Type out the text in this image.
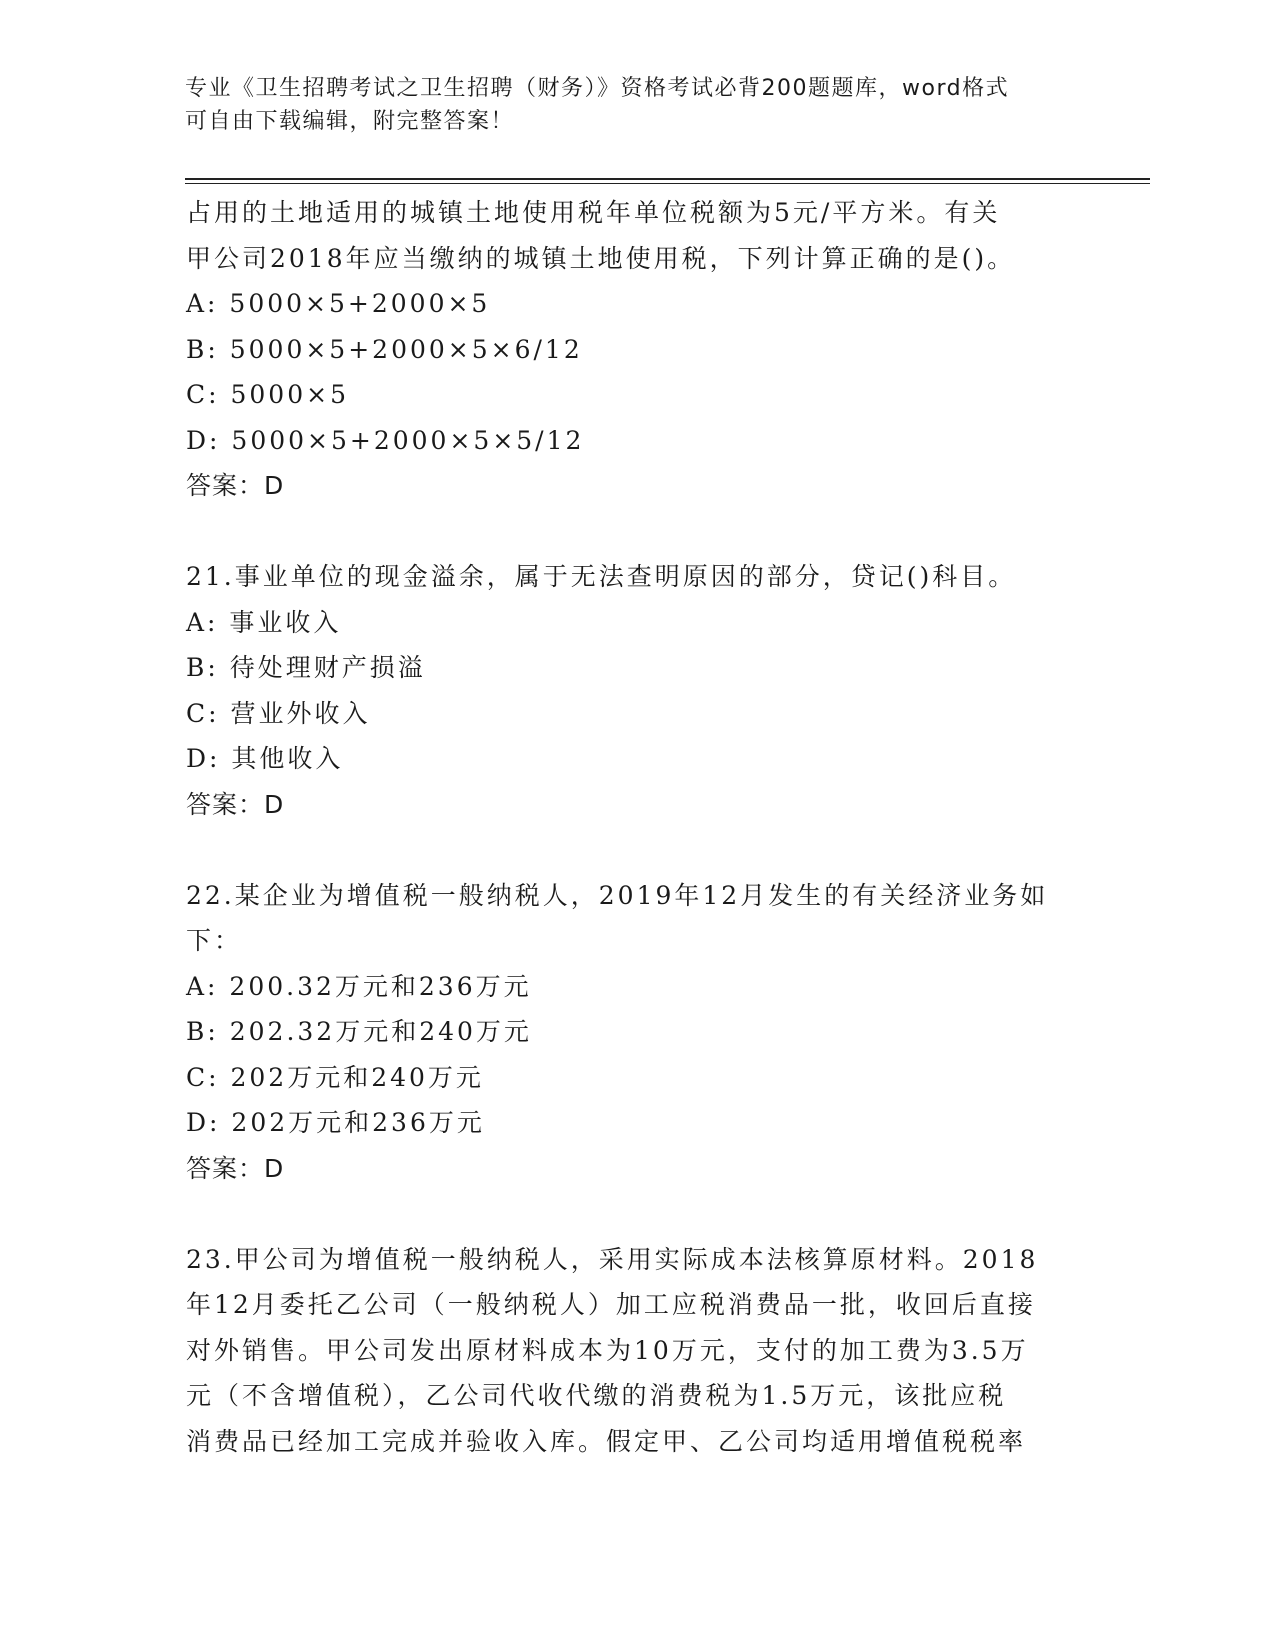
专业《卫生招聘考试之卫生招聘（财务）》资格考试必背200题题库，word格式
可自由下载编辑，附完整答案！
占用的土地适用的城镇土地使用税年单位税额为5元/平方米。有关
甲公司2018年应当缴纳的城镇土地使用税，下列计算正确的是()。
A: 5000×5+2000×5
B: 5000×5+2000×5×6/12
C: 5000×5
D: 5000×5+2000×5×5/12
答案：D
21.事业单位的现金溢余，属于无法查明原因的部分，贷记()科目。
A: 事业收入
B: 待处理财产损溢
C: 营业外收入
D: 其他收入
答案：D
22.某企业为增值税一般纳税人，2019年12月发生的有关经济业务如
下：
A: 200.32万元和236万元
B: 202.32万元和240万元
C: 202万元和240万元
D: 202万元和236万元
答案：D
23.甲公司为增值税一般纳税人，采用实际成本法核算原材料。2018
年12月委托乙公司（一般纳税人）加工应税消费品一批，收回后直接
对外销售。甲公司发出原材料成本为10万元，支付的加工费为3.5万
元（不含增值税），乙公司代收代缴的消费税为1.5万元，该批应税
消费品已经加工完成并验收入库。假定甲、乙公司均适用增值税税率
